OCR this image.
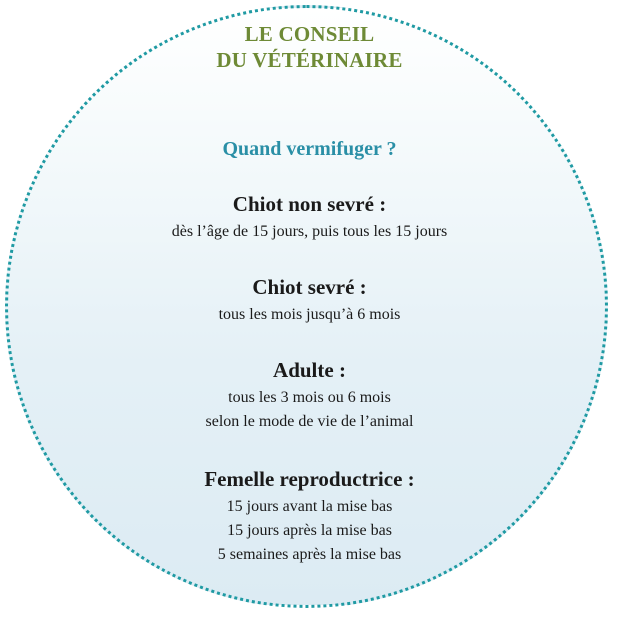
LE CONSEIL
DU VÉTÉRINAIRE
Quand vermifuger ?
Chiot non sevré :
dès l’âge de 15 jours, puis tous les 15 jours
Chiot sevré :
tous les mois jusqu’à 6 mois
Adulte :
tous les 3 mois ou 6 mois
selon le mode de vie de l’animal
Femelle reproductrice :
15 jours avant la mise bas
15 jours après la mise bas
5 semaines après la mise bas
